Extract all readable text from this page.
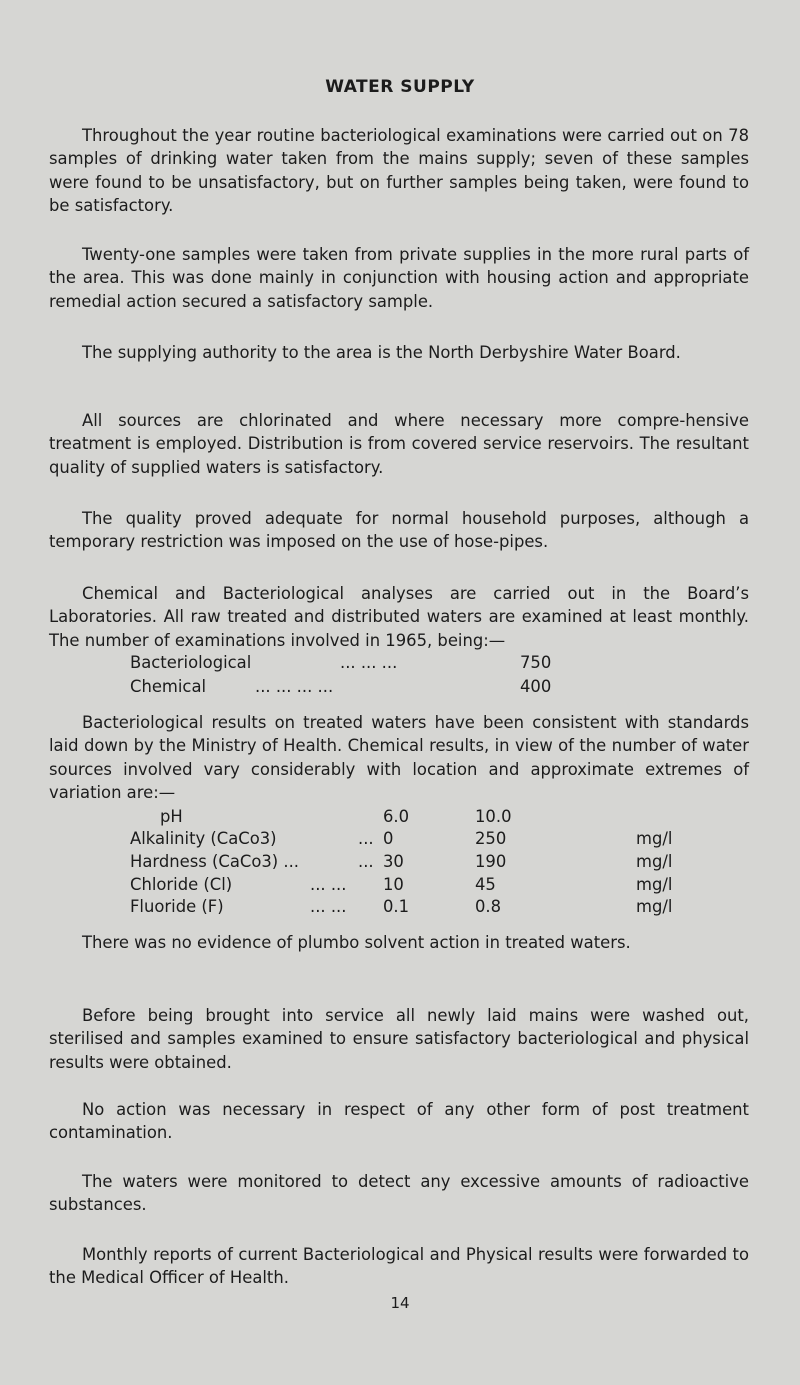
WATER SUPPLY

Throughout the year routine bacteriological examinations were carried out on 78 samples of drinking water taken from the mains supply; seven of these samples were found to be unsatisfactory, but on further samples being taken, were found to be satisfactory.

Twenty-one samples were taken from private supplies in the more rural parts of the area. This was done mainly in conjunction with housing action and appropriate remedial action secured a satisfactory sample.

The supplying authority to the area is the North Derbyshire Water Board.

All sources are chlorinated and where necessary more compre-hensive treatment is employed. Distribution is from covered service reservoirs. The resultant quality of supplied waters is satisfactory.

The quality proved adequate for normal household purposes, although a temporary restriction was imposed on the use of hose-pipes.

Chemical and Bacteriological analyses are carried out in the Board’s Laboratories. All raw treated and distributed waters are examined at least monthly. The number of examinations involved in 1965, being:—

Bacteriological	... ... ...	750
Chemical	... ... ... ...	400

Bacteriological results on treated waters have been consistent with standards laid down by the Ministry of Health. Chemical results, in view of the number of water sources involved vary considerably with location and approximate extremes of variation are:—

pH	6.0	10.0
Alkalinity (CaCo3)	... 0	250	mg/l
Hardness (CaCo3) ...	... 30	190	mg/l
Chloride (Cl)	... ... 10	45	mg/l
Fluoride (F)	... ... 0.1	0.8	mg/l

There was no evidence of plumbo solvent action in treated waters.

Before being brought into service all newly laid mains were washed out, sterilised and samples examined to ensure satisfactory bacteriological and physical results were obtained.

No action was necessary in respect of any other form of post treatment contamination.

The waters were monitored to detect any excessive amounts of radioactive substances.

Monthly reports of current Bacteriological and Physical results were forwarded to the Medical Officer of Health.

14
